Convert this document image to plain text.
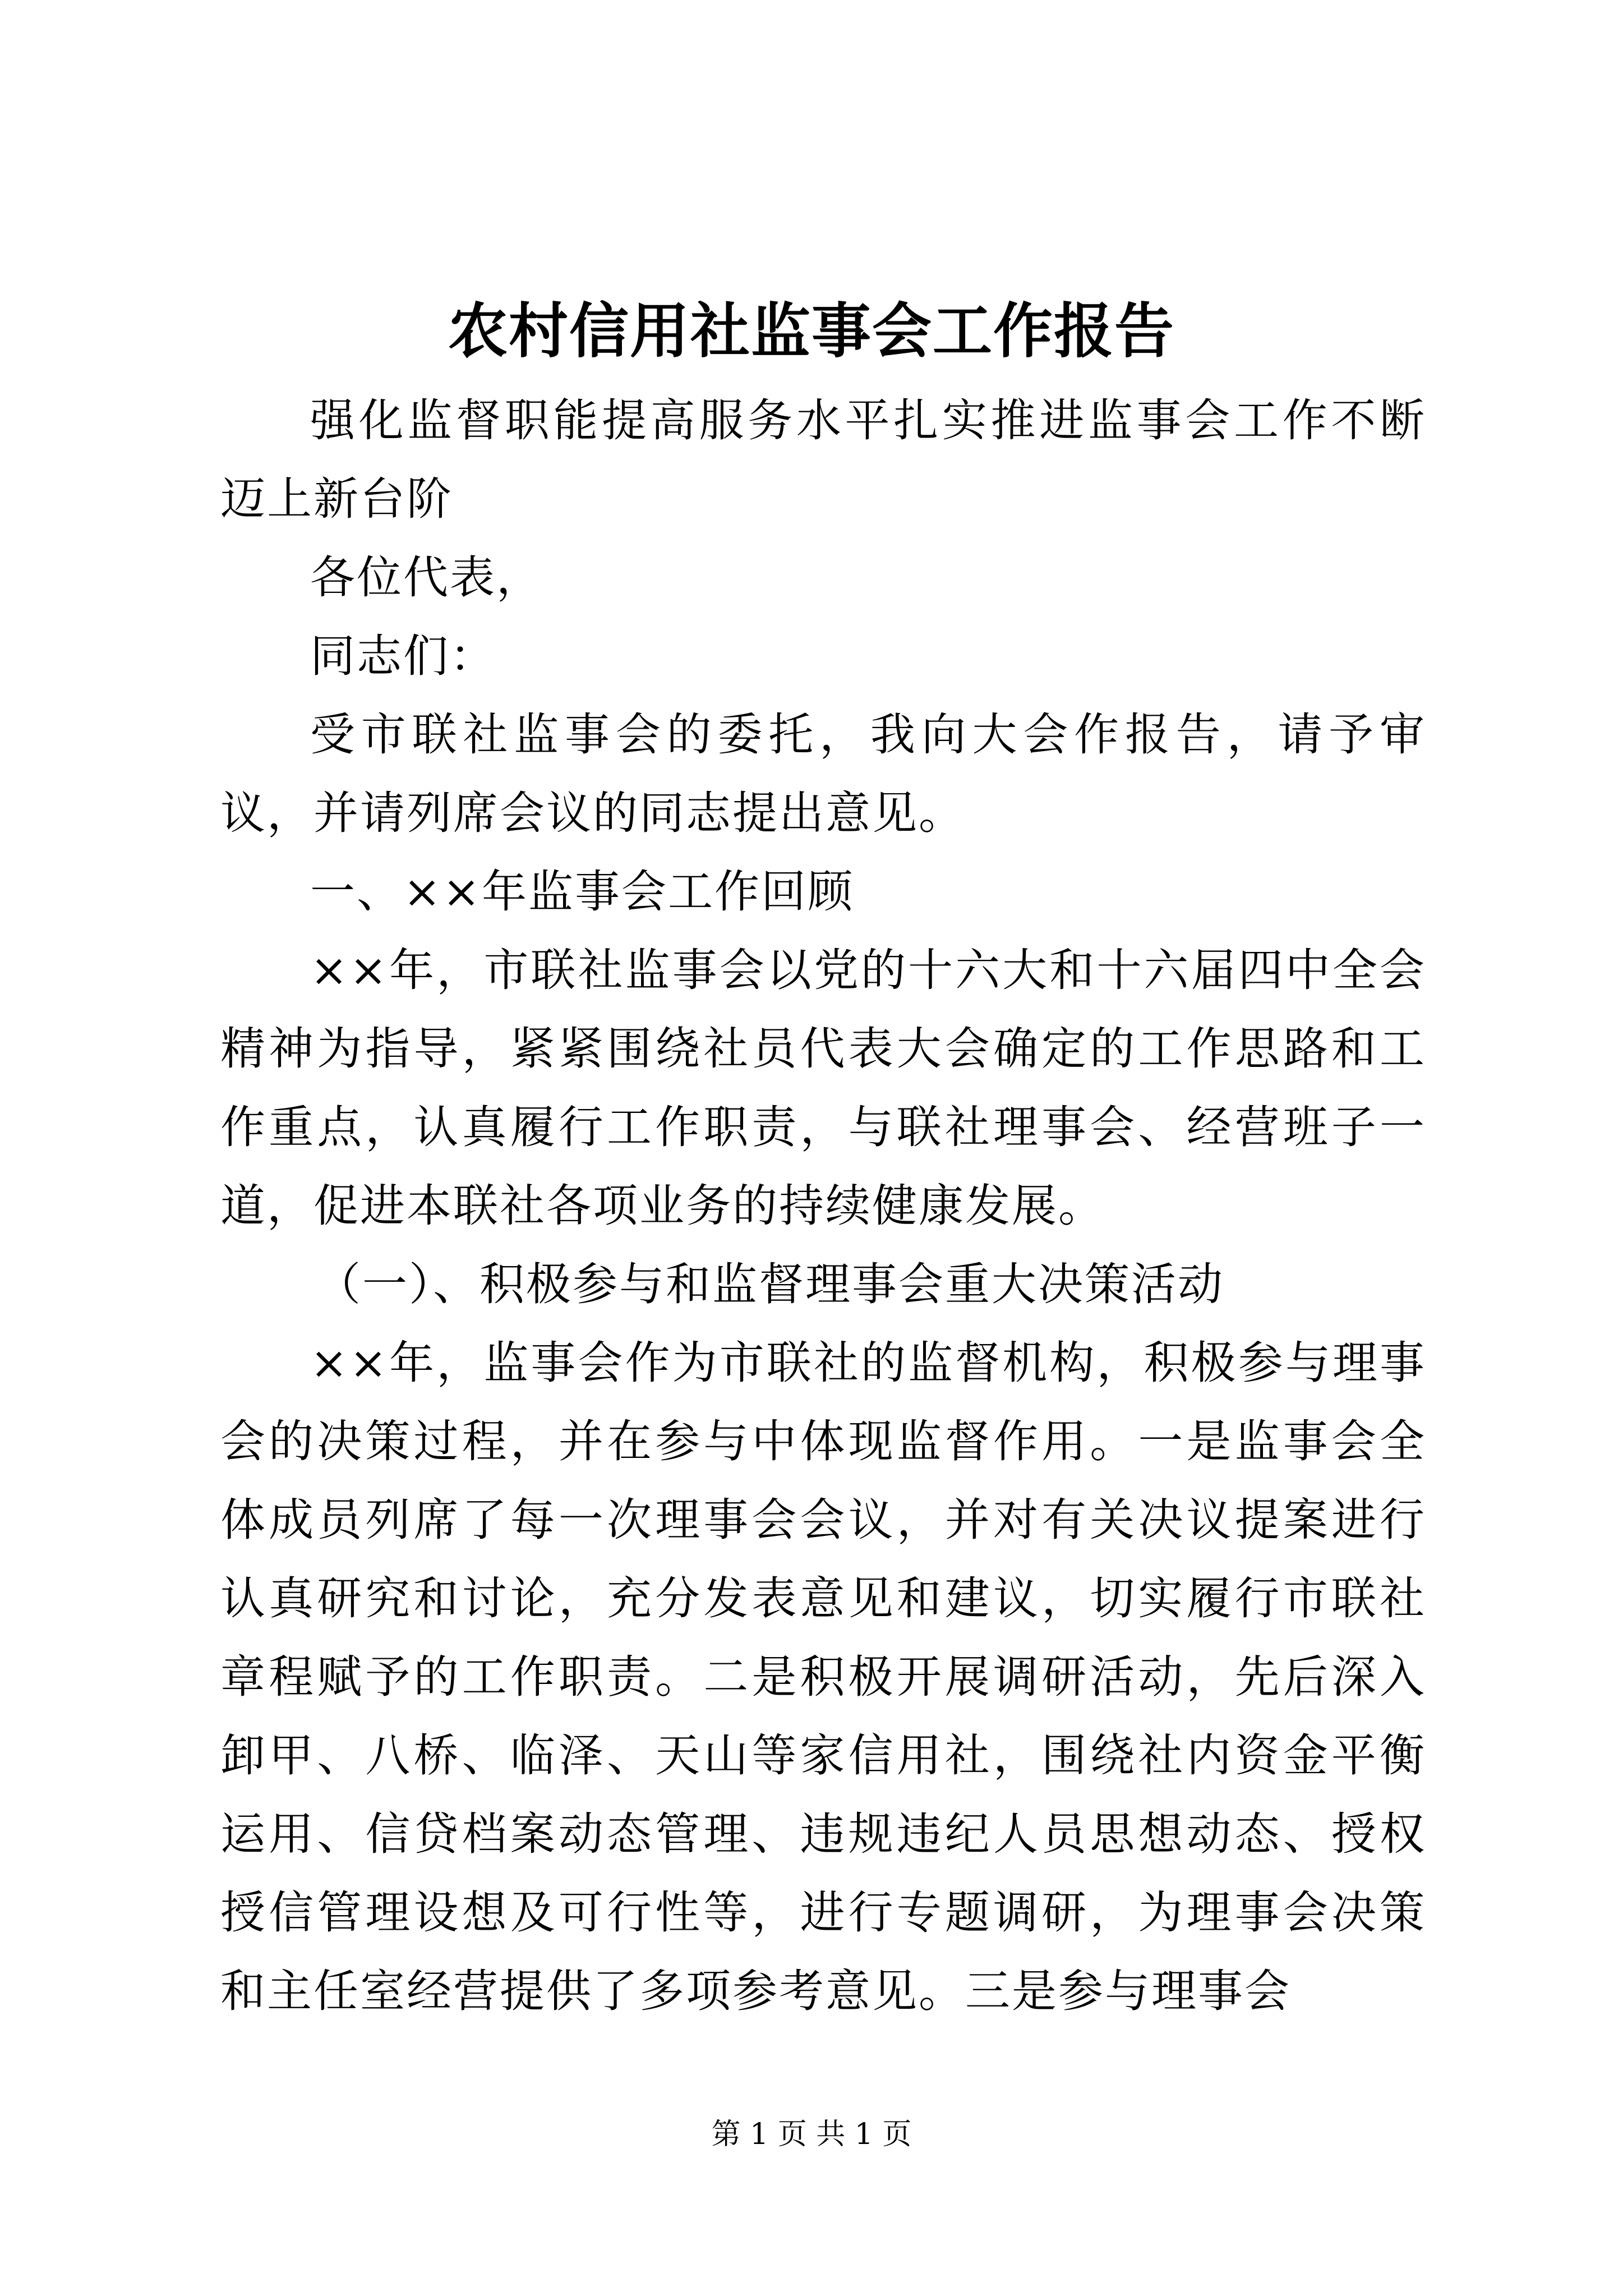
农村信用社监事会工作报告

强化监督职能提高服务水平扎实推进监事会工作不断迈上新台阶

各位代表，

同志们：

受市联社监事会的委托，我向大会作报告，请予审议，并请列席会议的同志提出意见。

一、××年监事会工作回顾

××年，市联社监事会以党的十六大和十六届四中全会精神为指导，紧紧围绕社员代表大会确定的工作思路和工作重点，认真履行工作职责，与联社理事会、经营班子一道，促进本联社各项业务的持续健康发展。

（一）、积极参与和监督理事会重大决策活动

××年，监事会作为市联社的监督机构，积极参与理事会的决策过程，并在参与中体现监督作用。一是监事会全体成员列席了每一次理事会会议，并对有关决议提案进行认真研究和讨论，充分发表意见和建议，切实履行市联社章程赋予的工作职责。二是积极开展调研活动，先后深入卸甲、八桥、临泽、天山等家信用社，围绕社内资金平衡运用、信贷档案动态管理、违规违纪人员思想动态、授权授信管理设想及可行性等，进行专题调研，为理事会决策和主任室经营提供了多项参考意见。三是参与理事会

第 1 页 共 1 页
